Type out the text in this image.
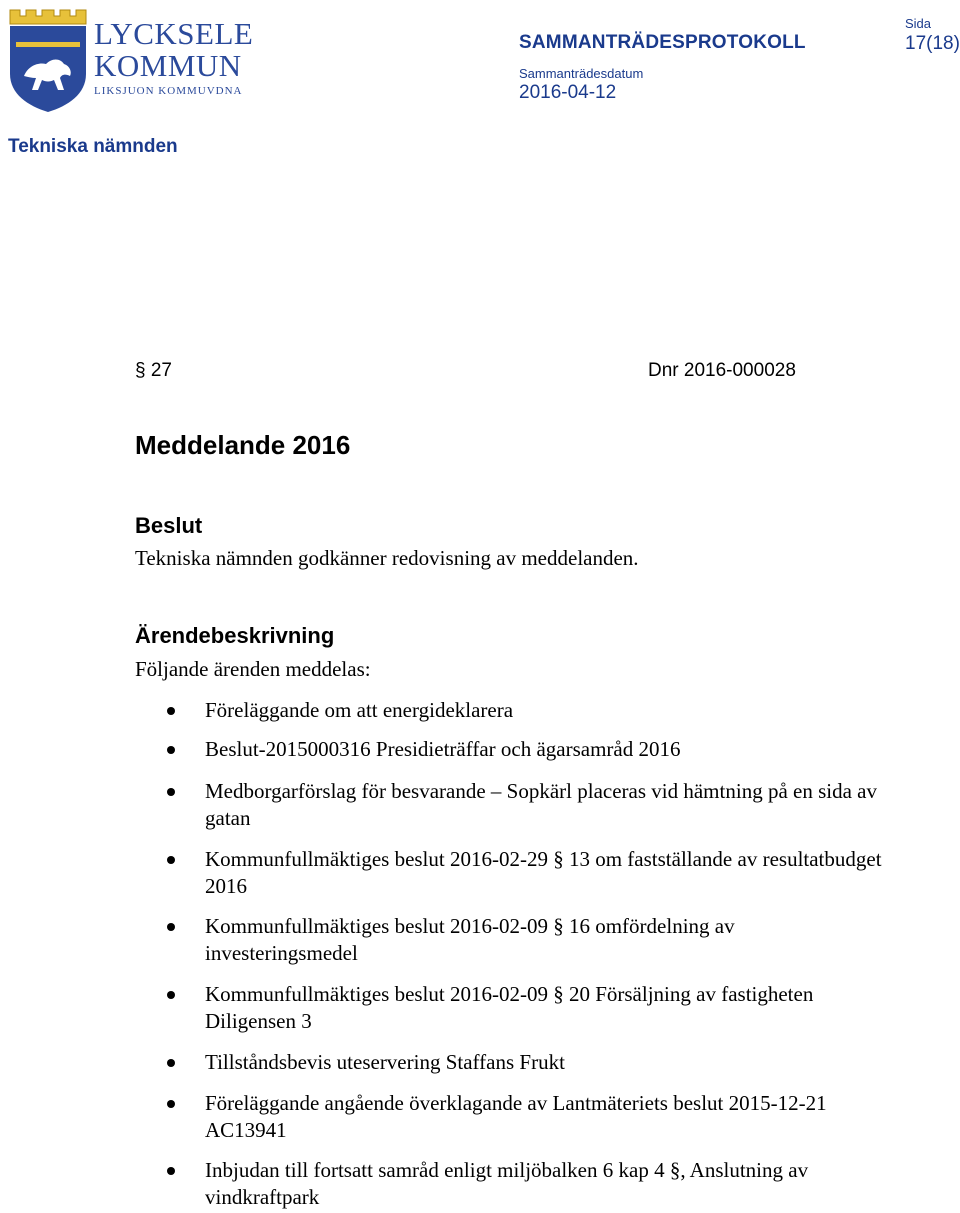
LYCKSELE
KOMMUN
LIKSJUON KOMMUVDNA
SAMMANTRÄDESPROTOKOLL
Sammanträdesdatum
2016-04-12
Sida
17(18)
Tekniska nämnden
§ 27	Dnr 2016-000028
Meddelande 2016
Beslut
Tekniska nämnden godkänner redovisning av meddelanden.
Ärendebeskrivning
Följande ärenden meddelas:
Föreläggande om att energideklarera
Beslut-2015000316 Presidieträffar och ägarsamråd 2016
Medborgarförslag för besvarande – Sopkärl placeras vid hämtning på en sida av gatan
Kommunfullmäktiges beslut 2016-02-29 § 13 om fastställande av resultatbudget 2016
Kommunfullmäktiges beslut 2016-02-09 § 16 omfördelning av investeringsmedel
Kommunfullmäktiges beslut 2016-02-09 § 20 Försäljning av fastigheten Diligensen 3
Tillståndsbevis uteservering Staffans Frukt
Föreläggande angående överklagande av Lantmäteriets beslut 2015-12-21 AC13941
Inbjudan till fortsatt samråd enligt miljöbalken 6 kap 4 §, Anslutning av vindkraftpark
